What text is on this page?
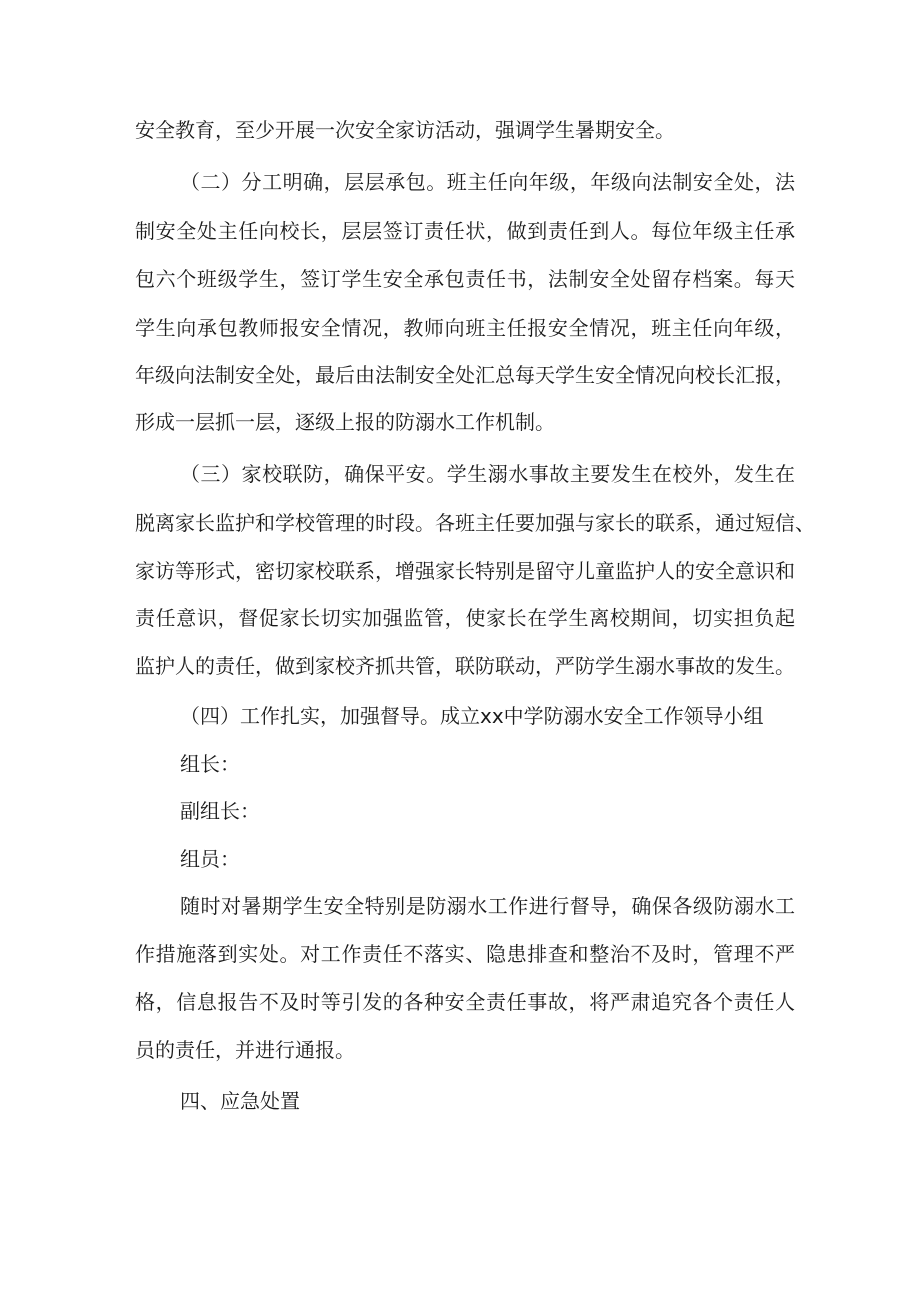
安全教育，至少开展一次安全家访活动，强调学生暑期安全。
（二）分工明确，层层承包。班主任向年级，年级向法制安全处，法
制安全处主任向校长，层层签订责任状，做到责任到人。每位年级主任承
包六个班级学生，签订学生安全承包责任书，法制安全处留存档案。每天
学生向承包教师报安全情况，教师向班主任报安全情况，班主任向年级，
年级向法制安全处，最后由法制安全处汇总每天学生安全情况向校长汇报，
形成一层抓一层，逐级上报的防溺水工作机制。
（三）家校联防，确保平安。学生溺水事故主要发生在校外，发生在
脱离家长监护和学校管理的时段。各班主任要加强与家长的联系，通过短信、
家访等形式，密切家校联系，增强家长特别是留守儿童监护人的安全意识和
责任意识，督促家长切实加强监管，使家长在学生离校期间，切实担负起
监护人的责任，做到家校齐抓共管，联防联动，严防学生溺水事故的发生。
（四）工作扎实，加强督导。成立xx中学防溺水安全工作领导小组
组长：
副组长：
组员：
随时对暑期学生安全特别是防溺水工作进行督导，确保各级防溺水工
作措施落到实处。对工作责任不落实、隐患排查和整治不及时，管理不严
格，信息报告不及时等引发的各种安全责任事故，将严肃追究各个责任人
员的责任，并进行通报。
四、应急处置
